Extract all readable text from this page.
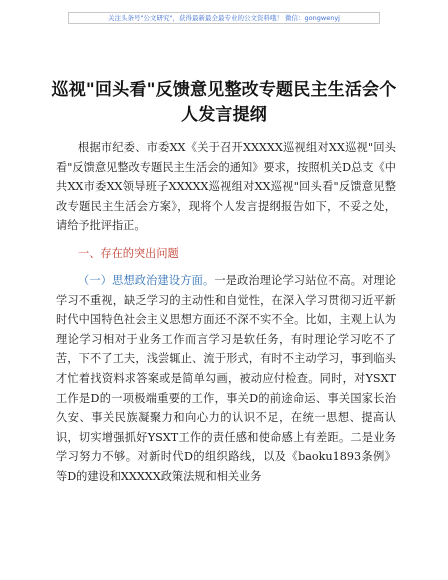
关注头条号"公文研究"，获得最新最全最专业的公文资料哦！ 微信：gongwenyj
巡视"回头看"反馈意见整改专题民主生活会个人发言提纲

根据市纪委、市委XX《关于召开XXXXX巡视组对XX巡视"回头看"反馈意见整改专题民主生活会的通知》要求，按照机关D总支《中共XX市委XX领导班子XXXXX巡视组对XX巡视"回头看"反馈意见整改专题民主生活会方案》，现将个人发言提纲报告如下，不妥之处，请给予批评指正。

一、存在的突出问题

（一）思想政治建设方面。一是政治理论学习站位不高。对理论学习不重视，缺乏学习的主动性和自觉性，在深入学习贯彻习近平新时代中国特色社会主义思想方面还不深不实不全。比如，主观上认为理论学习相对于业务工作而言学习是软任务，有时理论学习吃不了苦，下不了工夫，浅尝辄止、流于形式，有时不主动学习，事到临头才忙着找资料求答案或是简单勾画，被动应付检查。同时，对YSXT工作是D的一项极端重要的工作，事关D的前途命运、事关国家长治久安、事关民族凝聚力和向心力的认识不足，在统一思想、提高认识，切实增强抓好YSXT工作的责任感和使命感上有差距。二是业务学习努力不够。对新时代D的组织路线，以及《baoku1893条例》等D的建设和XXXXX政策法规和相关业务
